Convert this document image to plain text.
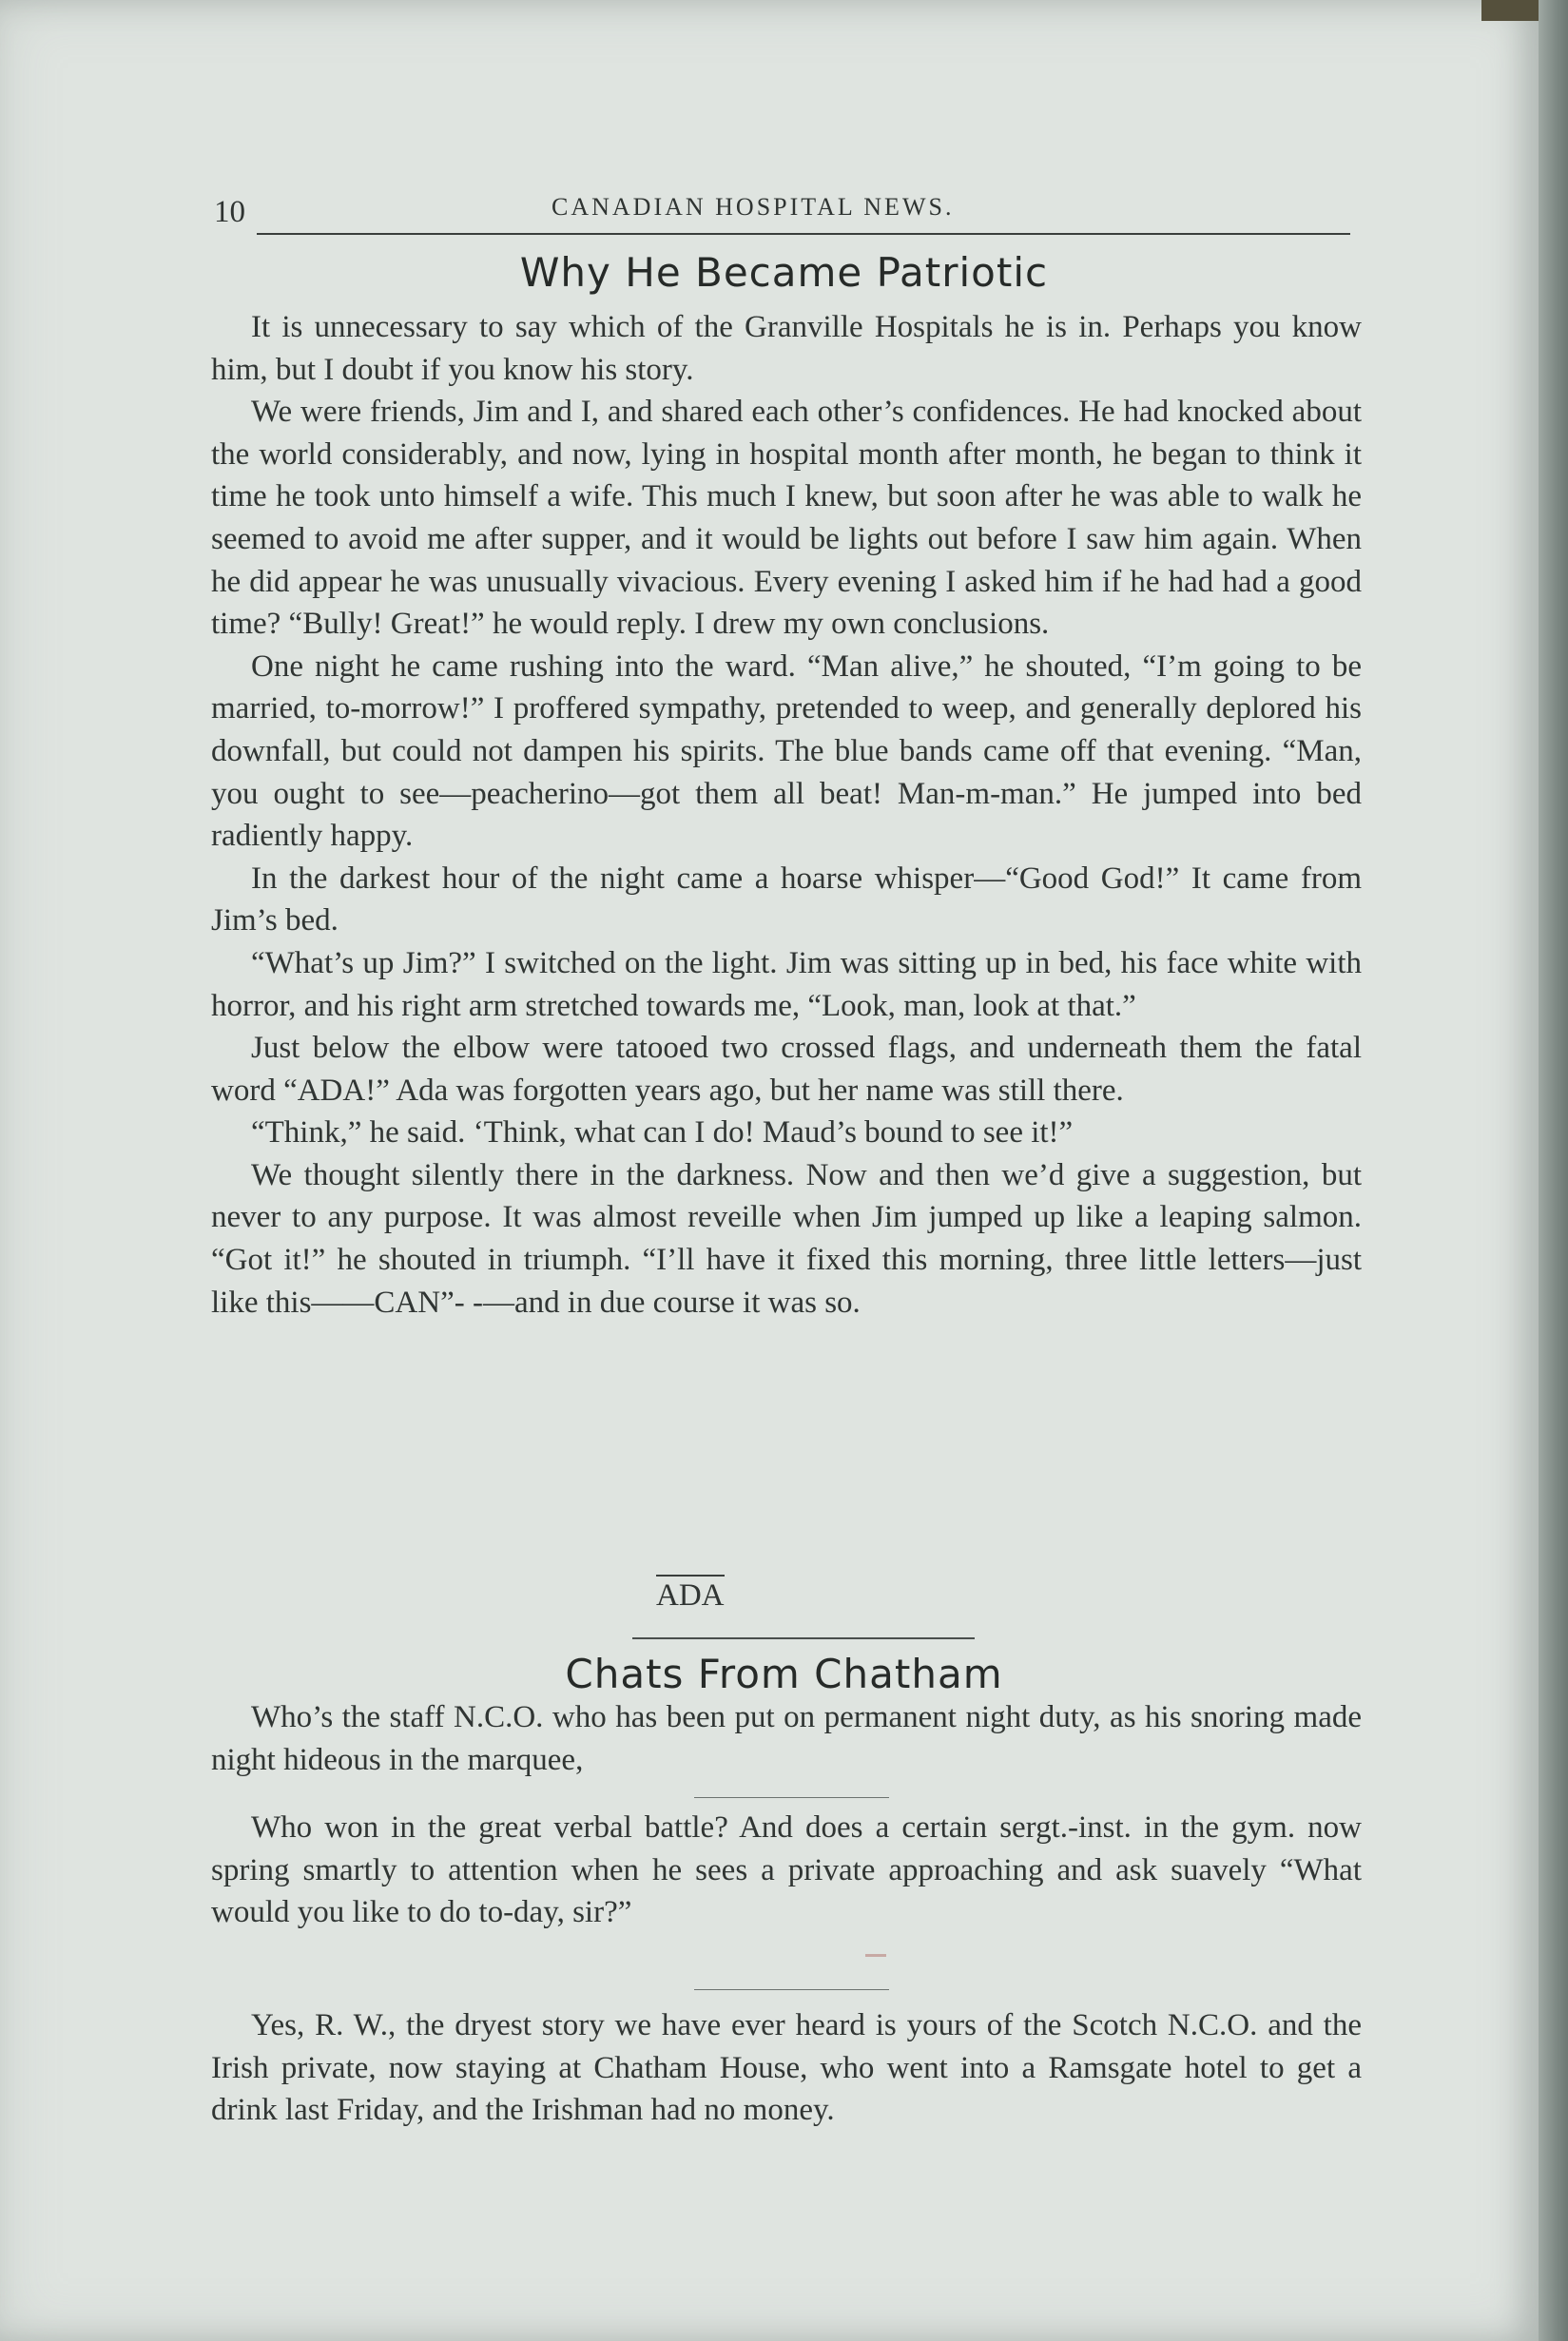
10	CANADIAN HOSPITAL NEWS.
Why He Became Patriotic

It is unnecessary to say which of the Granville Hospitals he is in. Perhaps you know him, but I doubt if you know his story.

We were friends, Jim and I, and shared each other’s confidences. He had knocked about the world considerably, and now, lying in hospital month after month, he began to think it time he took unto himself a wife. This much I knew, but soon after he was able to walk he seemed to avoid me after supper, and it would be lights out before I saw him again. When he did appear he was unusually vivacious. Every evening I asked him if he had had a good time? “Bully! Great!” he would reply. I drew my own conclusions.

One night he came rushing into the ward. “Man alive,” he shouted, “I’m going to be married, to-morrow!” I proffered sympathy, pretended to weep, and generally deplored his downfall, but could not dampen his spirits. The blue bands came off that evening. “Man, you ought to see—peacherino—got them all beat! Man-m-man.” He jumped into bed radiently happy.

In the darkest hour of the night came a hoarse whisper—“Good God!” It came from Jim’s bed.

“What’s up Jim?” I switched on the light. Jim was sitting up in bed, his face white with horror, and his right arm stretched towards me, “Look, man, look at that.”

Just below the elbow were tatooed two crossed flags, and underneath them the fatal word “ADA!” Ada was forgotten years ago, but her name was still there.

“Think,” he said. ‘Think, what can I do! Maud’s bound to see it!”

We thought silently there in the darkness. Now and then we’d give a suggestion, but never to any purpose. It was almost reveille when Jim jumped up like a leaping salmon. “Got it!” he shouted in triumph. “I’ll have it fixed this morning, three little letters—just like this——CAN”- -—and in due course it was so.

ADA
Chats From Chatham

Who’s the staff N.C.O. who has been put on permanent night duty, as his snoring made night hideous in the marquee,

Who won in the great verbal battle? And does a certain sergt.-inst. in the gym. now spring smartly to attention when he sees a private approaching and ask suavely “What would you like to do to-day, sir?”

Yes, R. W., the dryest story we have ever heard is yours of the Scotch N.C.O. and the Irish private, now staying at Chatham House, who went into a Ramsgate hotel to get a drink last Friday, and the Irishman had no money.
